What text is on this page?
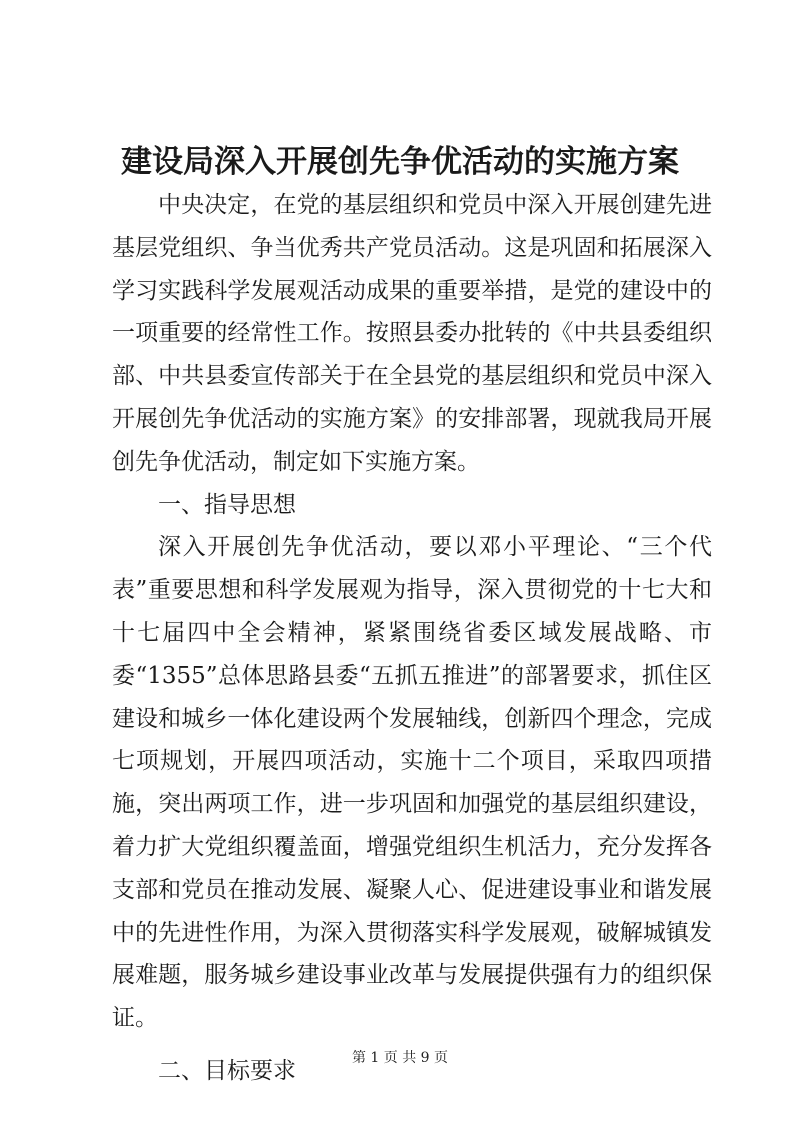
建设局深入开展创先争优活动的实施方案

中央决定，在党的基层组织和党员中深入开展创建先进基层党组织、争当优秀共产党员活动。这是巩固和拓展深入学习实践科学发展观活动成果的重要举措，是党的建设中的一项重要的经常性工作。按照县委办批转的《中共县委组织部、中共县委宣传部关于在全县党的基层组织和党员中深入开展创先争优活动的实施方案》的安排部署，现就我局开展创先争优活动，制定如下实施方案。

一、指导思想

深入开展创先争优活动，要以邓小平理论、“三个代表”重要思想和科学发展观为指导，深入贯彻党的十七大和十七届四中全会精神，紧紧围绕省委区域发展战略、市委“1355”总体思路县委“五抓五推进”的部署要求，抓住区建设和城乡一体化建设两个发展轴线，创新四个理念，完成七项规划，开展四项活动，实施十二个项目，采取四项措施，突出两项工作，进一步巩固和加强党的基层组织建设，着力扩大党组织覆盖面，增强党组织生机活力，充分发挥各支部和党员在推动发展、凝聚人心、促进建设事业和谐发展中的先进性作用，为深入贯彻落实科学发展观，破解城镇发展难题，服务城乡建设事业改革与发展提供强有力的组织保证。

二、目标要求	第 1 页 共 9 页
